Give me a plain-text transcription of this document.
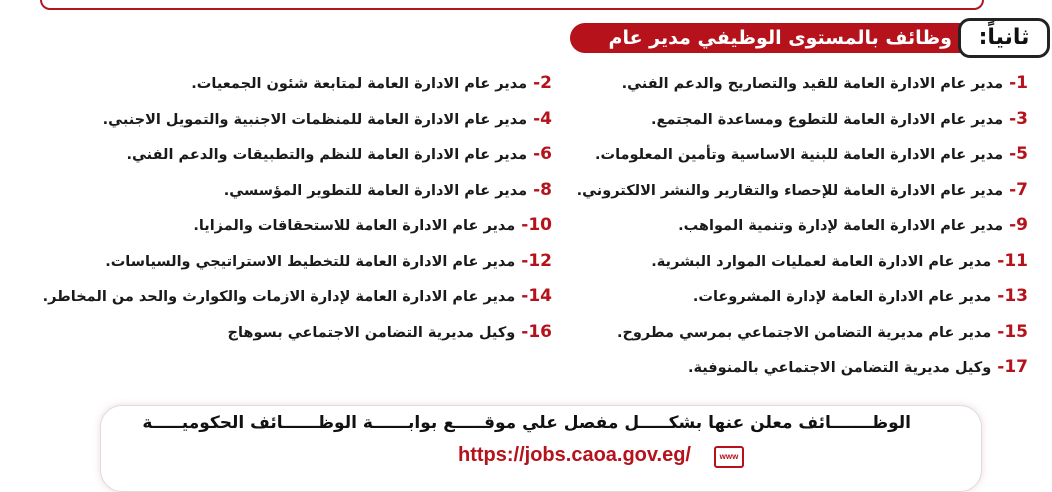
وظائف بالمستوى الوظيفي مدير عام	ثانياً:
1-مدير عام الادارة العامة للقيد والتصاريح والدعم الفني.
3-مدير عام الادارة العامة للتطوع ومساعدة المجتمع.
5-مدير عام الادارة العامة للبنية الاساسية وتأمين المعلومات.
7-مدير عام الادارة العامة للإحصاء والتقارير والنشر الالكتروني.
9-مدير عام الادارة العامة لإدارة وتنمية المواهب.
11-مدير عام الادارة العامة لعمليات الموارد البشرية.
13-مدير عام الادارة العامة لإدارة المشروعات.
15-مدير عام مديرية التضامن الاجتماعي بمرسي مطروح.
17-وكيل مديرية التضامن الاجتماعي بالمنوفية.
2-مدير عام الادارة العامة لمتابعة شئون الجمعيات.
4-مدير عام الادارة العامة للمنظمات الاجنبية والتمويل الاجنبي.
6-مدير عام الادارة العامة للنظم والتطبيقات والدعم الفني.
8-مدير عام الادارة العامة للتطوير المؤسسي.
10-مدير عام الادارة العامة للاستحقاقات والمزايا.
12-مدير عام الادارة العامة للتخطيط الاستراتيجي والسياسات.
14-مدير عام الادارة العامة لإدارة الازمات والكوارث والحد من المخاطر.
16-وكيل مديرية التضامن الاجتماعي بسوهاج
الوظـــــــائف معلن عنها بشكـــــل مفصل علي موقـــــع بوابــــــة الوظــــــائف الحكوميـــــة
https://jobs.caoa.gov.eg/	www
